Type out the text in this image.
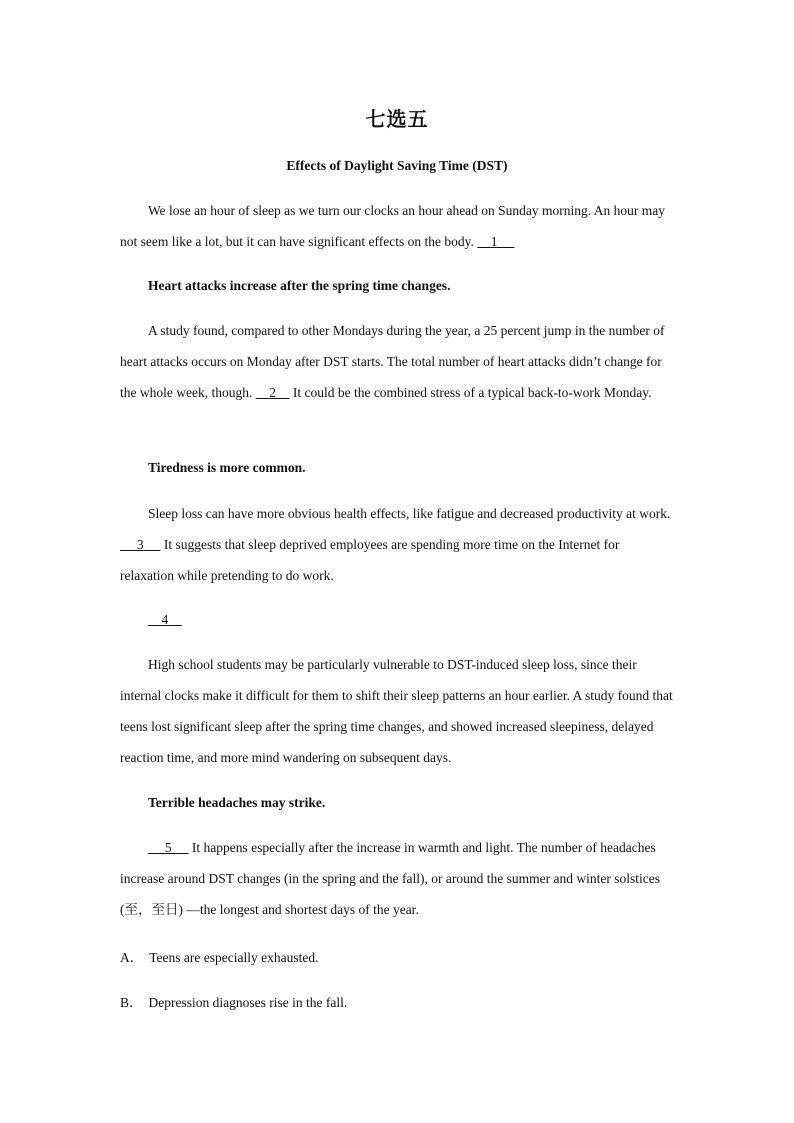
七选五
Effects of Daylight Saving Time (DST)

We lose an hour of sleep as we turn our clocks an hour ahead on Sunday morning. An hour may not seem like a lot, but it can have significant effects on the body. 1

Heart attacks increase after the spring time changes.

A study found, compared to other Mondays during the year, a 25 percent jump in the number of heart attacks occurs on Monday after DST starts. The total number of heart attacks didn’t change for the whole week, though. 2 It could be the combined stress of a typical back-to-work Monday.

Tiredness is more common.

Sleep loss can have more obvious health effects, like fatigue and decreased productivity at work.      3 It suggests that sleep deprived employees are spending more time on the Internet for relaxation while pretending to do work.

4

High school students may be particularly vulnerable to DST-induced sleep loss, since their internal clocks make it difficult for them to shift their sleep patterns an hour earlier. A study found that teens lost significant sleep after the spring time changes, and showed increased sleepiness, delayed reaction time, and more mind wandering on subsequent days.

Terrible headaches may strike.

5 It happens especially after the increase in warmth and light. The number of headaches increase around DST changes (in the spring and the fall), or around the summer and winter solstices (至，至日) —the longest and shortest days of the year.

A． Teens are especially exhausted.

B． Depression diagnoses rise in the fall.
